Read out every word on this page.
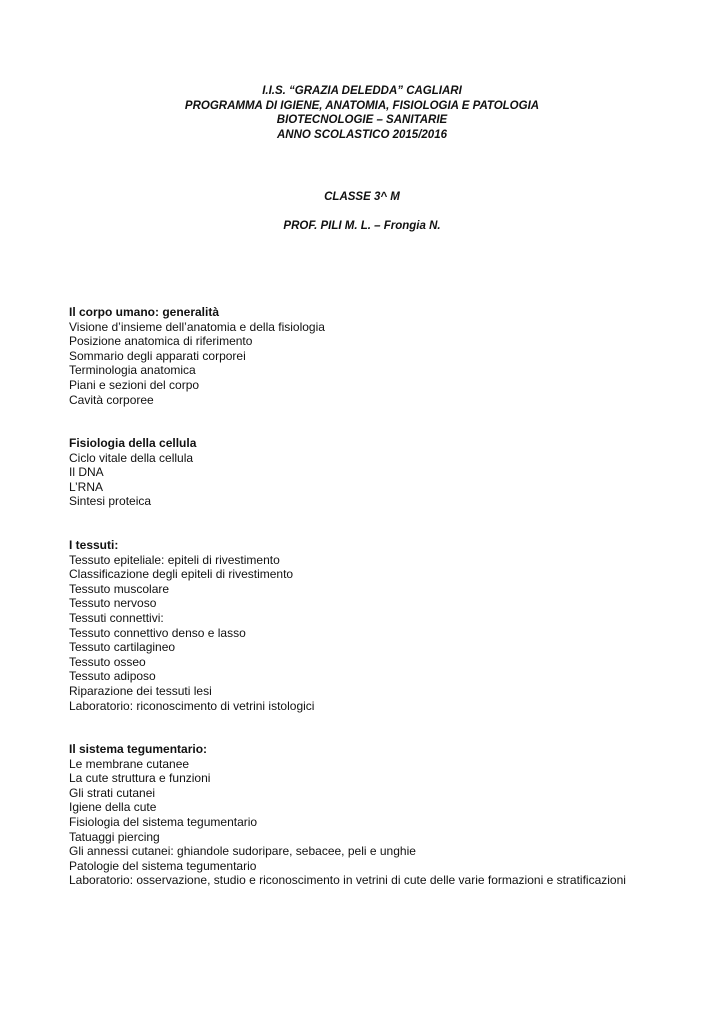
I.I.S. “GRAZIA DELEDDA” CAGLIARI
PROGRAMMA DI IGIENE, ANATOMIA, FISIOLOGIA E PATOLOGIA
BIOTECNOLOGIE – SANITARIE
ANNO SCOLASTICO 2015/2016
CLASSE 3^ M
PROF. PILI M. L. – Frongia N.
Il corpo umano: generalità
Visione d’insieme dell’anatomia e della fisiologia
Posizione anatomica di riferimento
Sommario degli apparati corporei
Terminologia anatomica
Piani e sezioni del corpo
Cavità corporee
Fisiologia della cellula
Ciclo vitale della cellula
Il DNA
L’RNA
Sintesi proteica
I tessuti:
Tessuto epiteliale: epiteli di rivestimento
Classificazione degli epiteli di rivestimento
Tessuto muscolare
Tessuto nervoso
Tessuti connettivi:
Tessuto connettivo denso e lasso
Tessuto cartilagineo
Tessuto osseo
Tessuto adiposo
Riparazione dei tessuti lesi
Laboratorio: riconoscimento di vetrini istologici
Il sistema tegumentario:
Le membrane cutanee
La cute struttura e funzioni
Gli strati cutanei
Igiene della cute
Fisiologia del sistema tegumentario
Tatuaggi piercing
Gli annessi cutanei: ghiandole sudoripare, sebacee, peli e unghie
Patologie del sistema tegumentario
Laboratorio: osservazione, studio e riconoscimento in vetrini di cute delle varie formazioni e stratificazioni
